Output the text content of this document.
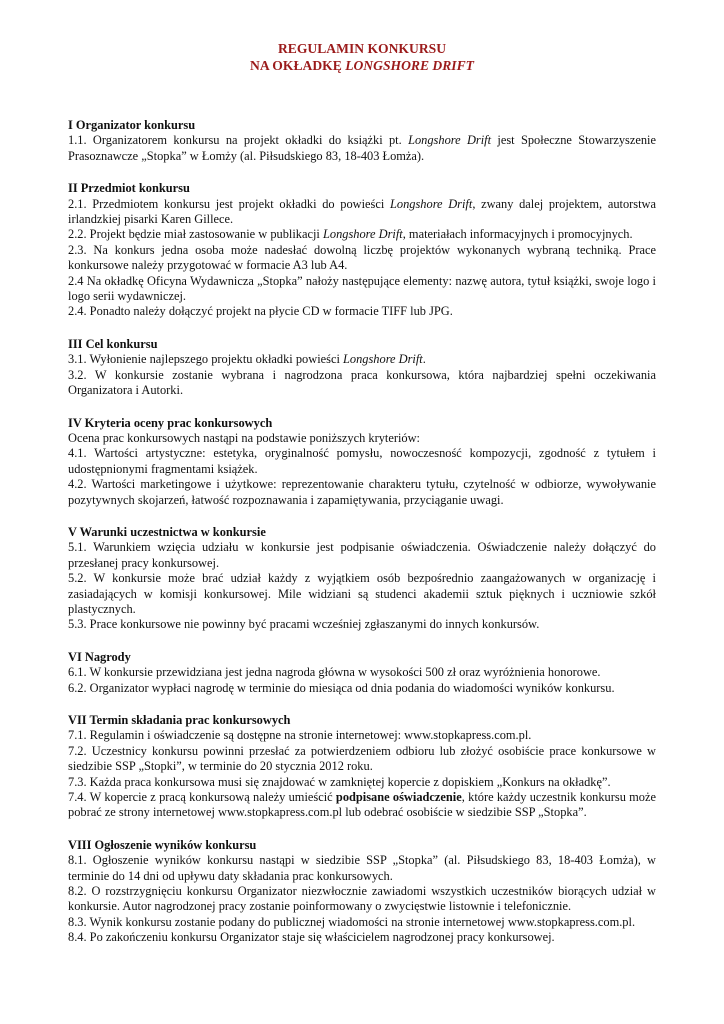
REGULAMIN KONKURSU
NA OKŁADKĘ LONGSHORE DRIFT

I Organizator konkursu

1.1. Organizatorem konkursu na projekt okładki do książki pt. Longshore Drift jest Społeczne Stowarzyszenie Prasoznawcze „Stopka” w Łomży (al. Piłsudskiego 83, 18-403 Łomża).

II Przedmiot konkursu

2.1. Przedmiotem konkursu jest projekt okładki do powieści Longshore Drift, zwany dalej projektem, autorstwa irlandzkiej pisarki Karen Gillece.

2.2. Projekt będzie miał zastosowanie w publikacji Longshore Drift, materiałach informacyjnych i promocyjnych.

2.3. Na konkurs jedna osoba może nadesłać dowolną liczbę projektów wykonanych wybraną techniką. Prace konkursowe należy przygotować w formacie A3 lub A4.

2.4 Na okładkę Oficyna Wydawnicza „Stopka” nałoży następujące elementy: nazwę autora, tytuł książki, swoje logo i logo serii wydawniczej.

2.4. Ponadto należy dołączyć projekt na płycie CD w formacie TIFF lub JPG.

III Cel konkursu

3.1. Wyłonienie najlepszego projektu okładki powieści Longshore Drift.

3.2. W konkursie zostanie wybrana i nagrodzona praca konkursowa, która najbardziej spełni oczekiwania Organizatora i Autorki.

IV Kryteria oceny prac konkursowych

Ocena prac konkursowych nastąpi na podstawie poniższych kryteriów:

4.1. Wartości artystyczne: estetyka, oryginalność pomysłu, nowoczesność kompozycji, zgodność z tytułem i udostępnionymi fragmentami książek.

4.2. Wartości marketingowe i użytkowe: reprezentowanie charakteru tytułu, czytelność w odbiorze, wywoływanie pozytywnych skojarzeń, łatwość rozpoznawania i zapamiętywania, przyciąganie uwagi.

V Warunki uczestnictwa w konkursie

5.1. Warunkiem wzięcia udziału w konkursie jest podpisanie oświadczenia. Oświadczenie należy dołączyć do przesłanej pracy konkursowej.

5.2. W konkursie może brać udział każdy z wyjątkiem osób bezpośrednio zaangażowanych w organizację i zasiadających w komisji konkursowej. Mile widziani są studenci akademii sztuk pięknych i uczniowie szkół plastycznych.

5.3. Prace konkursowe nie powinny być pracami wcześniej zgłaszanymi do innych konkursów.

VI Nagrody

6.1. W konkursie przewidziana jest jedna nagroda główna w wysokości 500 zł oraz wyróżnienia honorowe.

6.2. Organizator wypłaci nagrodę w terminie do miesiąca od dnia podania do wiadomości wyników konkursu.

VII Termin składania prac konkursowych

7.1. Regulamin i oświadczenie są dostępne na stronie internetowej: www.stopkapress.com.pl.

7.2. Uczestnicy konkursu powinni przesłać za potwierdzeniem odbioru lub złożyć osobiście prace konkursowe w siedzibie SSP „Stopki”, w terminie do 20 stycznia 2012 roku.

7.3. Każda praca konkursowa musi się znajdować w zamkniętej kopercie z dopiskiem „Konkurs na okładkę”.

7.4. W kopercie z pracą konkursową należy umieścić podpisane oświadczenie, które każdy uczestnik konkursu może pobrać ze strony internetowej www.stopkapress.com.pl lub odebrać osobiście w siedzibie SSP „Stopka”.

VIII Ogłoszenie wyników konkursu

8.1. Ogłoszenie wyników konkursu nastąpi w siedzibie SSP „Stopka” (al. Piłsudskiego 83, 18-403 Łomża), w terminie do 14 dni od upływu daty składania prac konkursowych.

8.2. O rozstrzygnięciu konkursu Organizator niezwłocznie zawiadomi wszystkich uczestników biorących udział w konkursie. Autor nagrodzonej pracy zostanie poinformowany o zwycięstwie listownie i telefonicznie.

8.3. Wynik konkursu zostanie podany do publicznej wiadomości na stronie internetowej www.stopkapress.com.pl.

8.4. Po zakończeniu konkursu Organizator staje się właścicielem nagrodzonej pracy konkursowej.
